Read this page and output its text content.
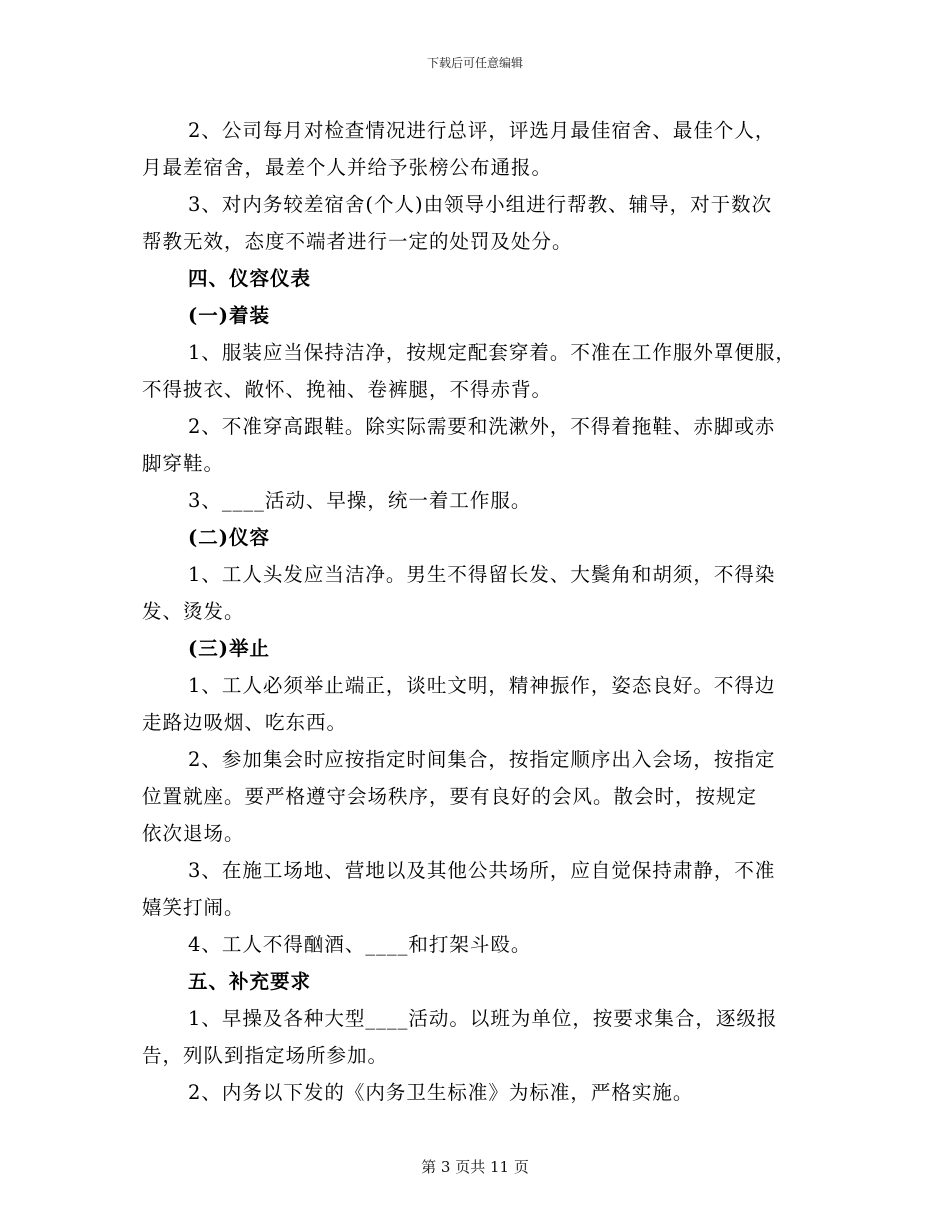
下载后可任意编辑
2、公司每月对检查情况进行总评，评选月最佳宿舍、最佳个人，
月最差宿舍，最差个人并给予张榜公布通报。
3、对内务较差宿舍(个人)由领导小组进行帮教、辅导，对于数次
帮教无效，态度不端者进行一定的处罚及处分。
四、仪容仪表
(一)着装
1、服装应当保持洁净，按规定配套穿着。不准在工作服外罩便服，
不得披衣、敞怀、挽袖、卷裤腿，不得赤背。
2、不准穿高跟鞋。除实际需要和洗漱外，不得着拖鞋、赤脚或赤
脚穿鞋。
3、____活动、早操，统一着工作服。
(二)仪容
1、工人头发应当洁净。男生不得留长发、大鬓角和胡须，不得染
发、烫发。
(三)举止
1、工人必须举止端正，谈吐文明，精神振作，姿态良好。不得边
走路边吸烟、吃东西。
2、参加集会时应按指定时间集合，按指定顺序出入会场，按指定
位置就座。要严格遵守会场秩序，要有良好的会风。散会时，按规定
依次退场。
3、在施工场地、营地以及其他公共场所，应自觉保持肃静，不准
嬉笑打闹。
4、工人不得酗酒、____和打架斗殴。
五、补充要求
1、早操及各种大型____活动。以班为单位，按要求集合，逐级报
告，列队到指定场所参加。
2、内务以下发的《内务卫生标准》为标准，严格实施。
第 3 页共 11 页
